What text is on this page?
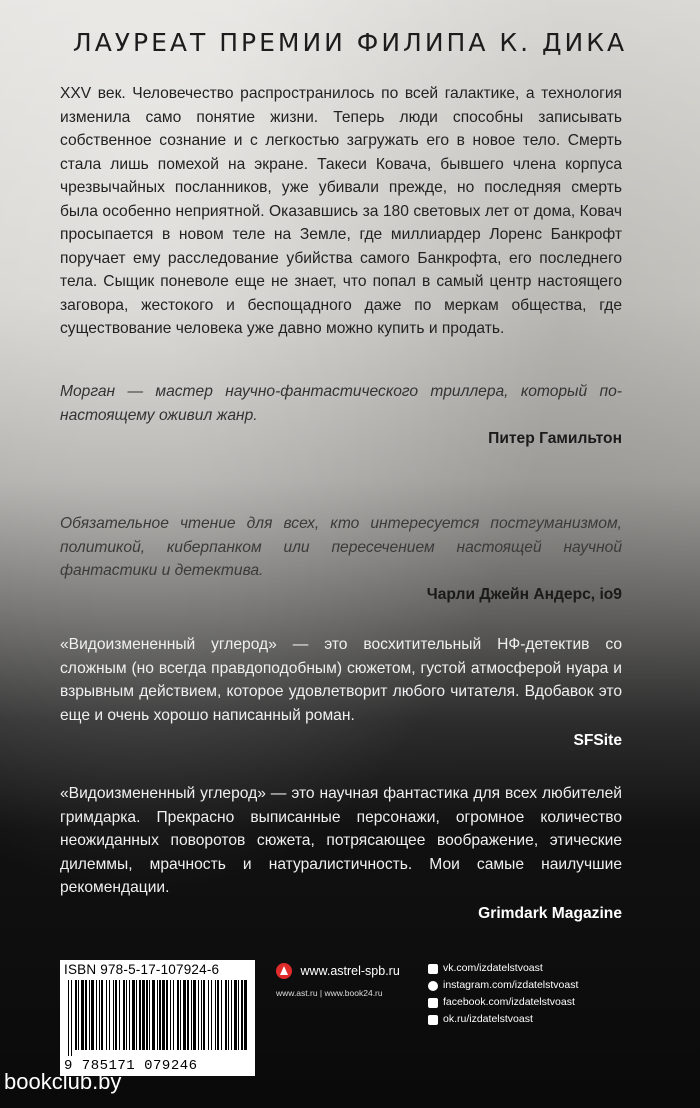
ЛАУРЕАТ ПРЕМИИ ФИЛИПА К. ДИКА

XXV век. Человечество распространилось по всей галактике, а технология изменила само понятие жизни. Теперь люди способны записывать собственное сознание и с легкостью загружать его в новое тело. Смерть стала лишь помехой на экране. Такеси Ковача, бывшего члена корпуса чрезвычайных посланников, уже убивали прежде, но последняя смерть была особенно неприятной. Оказавшись за 180 световых лет от дома, Ковач просыпается в новом теле на Земле, где миллиардер Лоренс Банкрофт поручает ему расследование убийства самого Банкрофта, его последнего тела. Сыщик поневоле еще не знает, что попал в самый центр настоящего заговора, жестокого и беспощадного даже по меркам общества, где существование человека уже давно можно купить и продать.

Морган — мастер научно-фантастического триллера, который по-настоящему оживил жанр.

Питер Гамильтон

Обязательное чтение для всех, кто интересуется постгуманизмом, политикой, киберпанком или пересечением настоящей научной фантастики и детектива.

Чарли Джейн Андерс, io9

«Видоизмененный углерод» — это восхитительный НФ-детектив со сложным (но всегда правдоподобным) сюжетом, густой атмосферой нуара и взрывным действием, которое удовлетворит любого читателя. Вдобавок это еще и очень хорошо написанный роман.

SFSite

«Видоизмененный углерод» — это научная фантастика для всех любителей гримдарка. Прекрасно выписанные персонажи, огромное количество неожиданных поворотов сюжета, потрясающее воображение, этические дилеммы, мрачность и натуралистичность. Мои самые наилучшие рекомендации.

Grimdark Magazine

ISBN 978-5-17-107924-6
9 785171 079246
www.astrel-spb.ru
www.ast.ru | www.book24.ru
vk.com/izdatelstvoast
instagram.com/izdatelstvoast
facebook.com/izdatelstvoast
ok.ru/izdatelstvoast
bookclub.by
